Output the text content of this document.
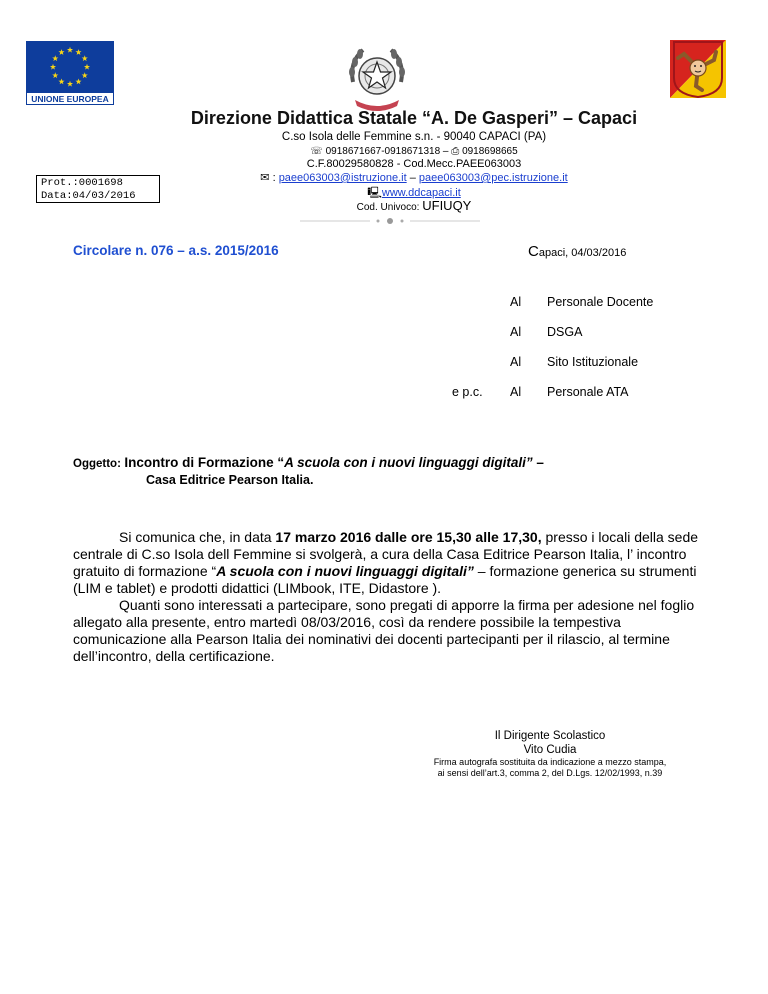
UNIONE EUROPEA
Direzione Didattica Statale “A. De Gasperi” – Capaci
C.so Isola delle Femmine s.n. - 90040 CAPACI (PA)
☏ 0918671667-0918671318 – ⎙ 0918698665
C.F.80029580828 - Cod.Mecc.PAEE063003
✉ : paee063003@istruzione.it – paee063003@pec.istruzione.it
🖳www.ddcapaci.it
Cod. Univoco: UFIUQY
Prot.:0001698
Data:04/03/2016
Circolare n. 076 – a.s. 2015/2016	Capaci, 04/03/2016
Al Personale Docente
Al DSGA
Al Sito Istituzionale
e p.c. Al Personale ATA
Oggetto: Incontro di Formazione “A scuola con i nuovi linguaggi digitali” –
Casa Editrice Pearson Italia.

Si comunica che, in data 17 marzo 2016 dalle ore 15,30 alle 17,30, presso i locali della sede centrale di C.so Isola dell Femmine si svolgerà, a cura della Casa Editrice Pearson Italia, l’ incontro gratuito di formazione “A scuola con i nuovi linguaggi digitali” – formazione generica su strumenti (LIM e tablet) e prodotti didattici (LIMbook, ITE, Didastore ).

Quanti sono interessati a partecipare, sono pregati di apporre la firma per adesione nel foglio allegato alla presente, entro martedì 08/03/2016, così da rendere possibile la tempestiva comunicazione alla Pearson Italia dei nominativi dei docenti partecipanti per il rilascio, al termine dell’incontro, della certificazione.

Il Dirigente Scolastico
Vito Cudia
Firma autografa sostituita da indicazione a mezzo stampa,
ai sensi dell’art.3, comma 2, del D.Lgs. 12/02/1993, n.39
